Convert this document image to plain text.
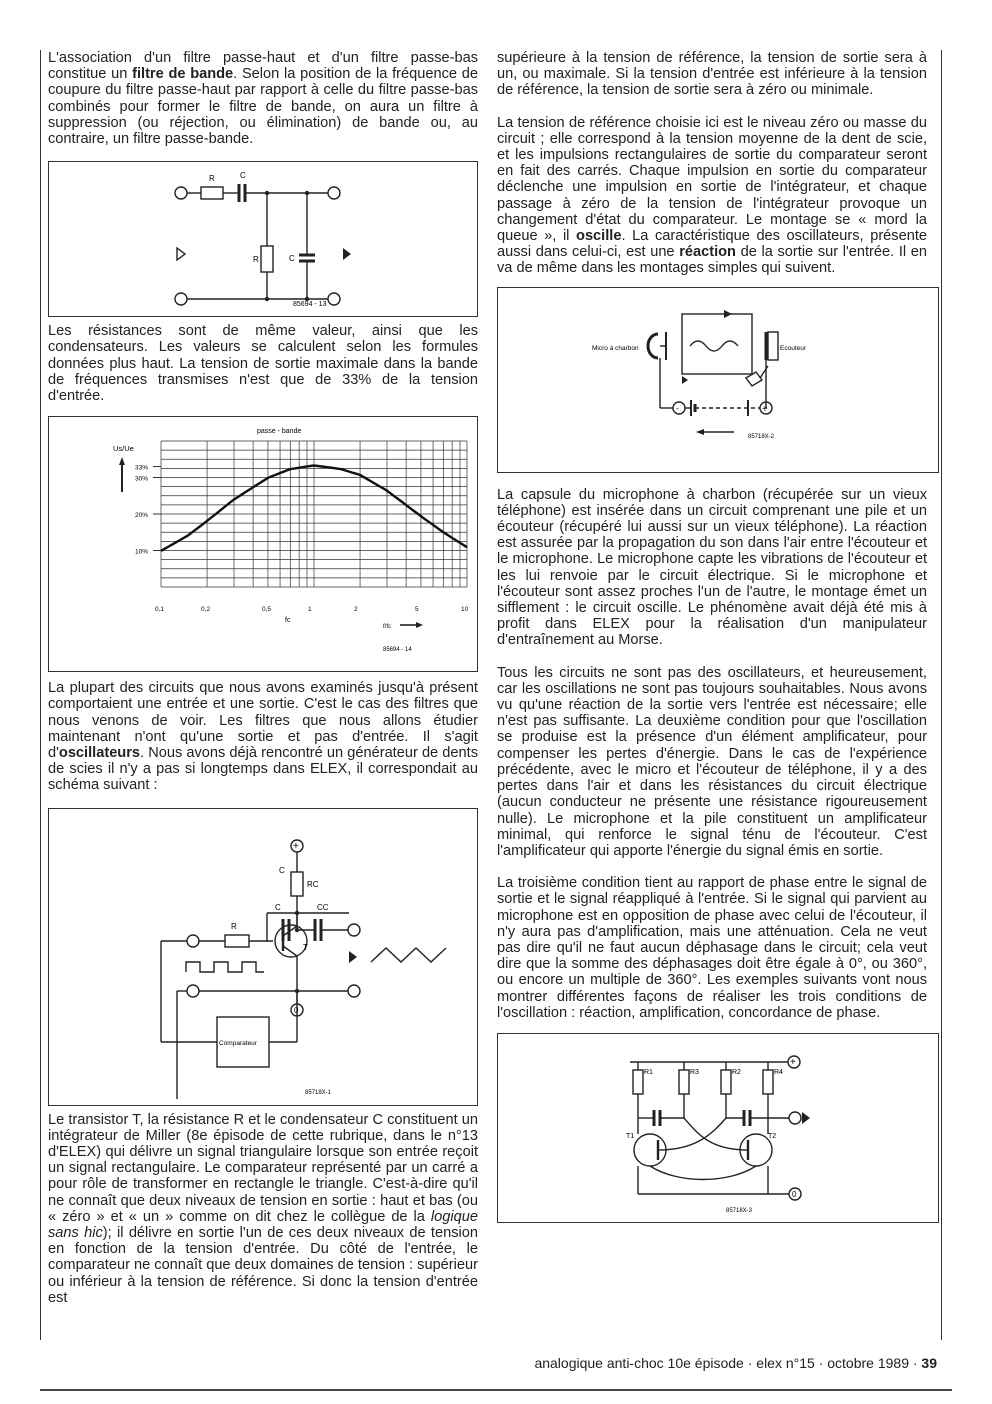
L'association d'un filtre passe-haut et d'un filtre passe-bas constitue un filtre de bande. Selon la position de la fréquence de coupure du filtre passe-haut par rapport à celle du filtre passe-bas combinés pour former le filtre de bande, on aura un filtre à suppression (ou réjection, ou élimination) de bande ou, au contraire, un filtre passe-bande.

R	C
R	C
85694 - 13

Les résistances sont de même valeur, ainsi que les condensateurs. Les valeurs se calculent selon les formules données plus haut. La tension de sortie maximale dans la bande de fréquences transmises n'est que de 33% de la tension d'entrée.

passe - bande
Us/Ue
33%
30%
20%
10%
0,1	0,2	0,5	1	2	5	10
fc
f/fc
85694 - 14

La plupart des circuits que nous avons examinés jusqu'à présent comportaient une entrée et une sortie. C'est le cas des filtres que nous venons de voir. Les filtres que nous allons étudier maintenant n'ont qu'une sortie et pas d'entrée. Il s'agit d'oscillateurs. Nous avons déjà rencontré un générateur de dents de scies il n'y a pas si longtemps dans ELEX, il correspondait au schéma suivant :

+
0
C
RC
C	CC
R
T
Comparateur
85718X-1

Le transistor T, la résistance R et le condensateur C constituent un intégrateur de Miller (8e épisode de cette rubrique, dans le n°13 d'ELEX) qui délivre un signal triangulaire lorsque son entrée reçoit un signal rectangulaire. Le comparateur représenté par un carré a pour rôle de transformer en rectangle le triangle. C'est-à-dire qu'il ne connaît que deux niveaux de tension en sortie : haut et bas (ou « zéro » et « un » comme on dit chez le collègue de la logique sans hic); il délivre en sortie l'un de ces deux niveaux de tension en fonction de la tension d'entrée. Du côté de l'entrée, le comparateur ne connaît que deux domaines de tension : supérieur ou inférieur à la tension de référence. Si donc la tension d'entrée est

supérieure à la tension de référence, la tension de sortie sera à un, ou maximale. Si la tension d'entrée est inférieure à la tension de référence, la tension de sortie sera à zéro ou minimale.

La tension de référence choisie ici est le niveau zéro ou masse du circuit ; elle correspond à la tension moyenne de la dent de scie, et les impulsions rectangulaires de sortie du comparateur seront en fait des carrés. Chaque impulsion en sortie du comparateur déclenche une impulsion en sortie de l'intégrateur, et chaque passage à zéro de la tension de l'intégrateur provoque un changement d'état du comparateur. Le montage se « mord la queue », il oscille. La caractéristique des oscillateurs, présente aussi dans celui-ci, est une réaction de la sortie sur l'entrée. Il en va de même dans les montages simples qui suivent.

Micro à charbon	Ecouteur
-	+
85718X-2

La capsule du microphone à charbon (récupérée sur un vieux téléphone) est insérée dans un circuit comprenant une pile et un écouteur (récupéré lui aussi sur un vieux téléphone). La réaction est assurée par la propagation du son dans l'air entre l'écouteur et le microphone. Le microphone capte les vibrations de l'écouteur et les lui renvoie par le circuit électrique. Si le microphone et l'écouteur sont assez proches l'un de l'autre, le montage émet un sifflement : le circuit oscille. Le phénomène avait déjà été mis à profit dans ELEX pour la réalisation d'un manipulateur d'entraînement au Morse.

Tous les circuits ne sont pas des oscillateurs, et heureusement, car les oscillations ne sont pas toujours souhaitables. Nous avons vu qu'une réaction de la sortie vers l'entrée est nécessaire; elle n'est pas suffisante. La deuxième condition pour que l'oscillation se produise est la présence d'un élément amplificateur, pour compenser les pertes d'énergie. Dans le cas de l'expérience précédente, avec le micro et l'écouteur de téléphone, il y a des pertes dans l'air et dans les résistances du circuit électrique (aucun conducteur ne présente une résistance rigoureusement nulle). Le microphone et la pile constituent un amplificateur minimal, qui renforce le signal ténu de l'écouteur. C'est l'amplificateur qui apporte l'énergie du signal émis en sortie.

La troisième condition tient au rapport de phase entre le signal de sortie et le signal réappliqué à l'entrée. Si le signal qui parvient au microphone est en opposition de phase avec celui de l'écouteur, il n'y aura pas d'amplification, mais une atténuation. Cela ne veut pas dire qu'il ne faut aucun déphasage dans le circuit; cela veut dire que la somme des déphasages doit être égale à 0°, ou 360°, ou encore un multiple de 360°. Les exemples suivants vont nous montrer différentes façons de réaliser les trois conditions de l'oscillation : réaction, amplification, concordance de phase.

+
0
R1	R3	R2	R4
T1	T2
85718X-3
analogique anti-choc 10e épisode · elex n°15 · octobre 1989 · 39
